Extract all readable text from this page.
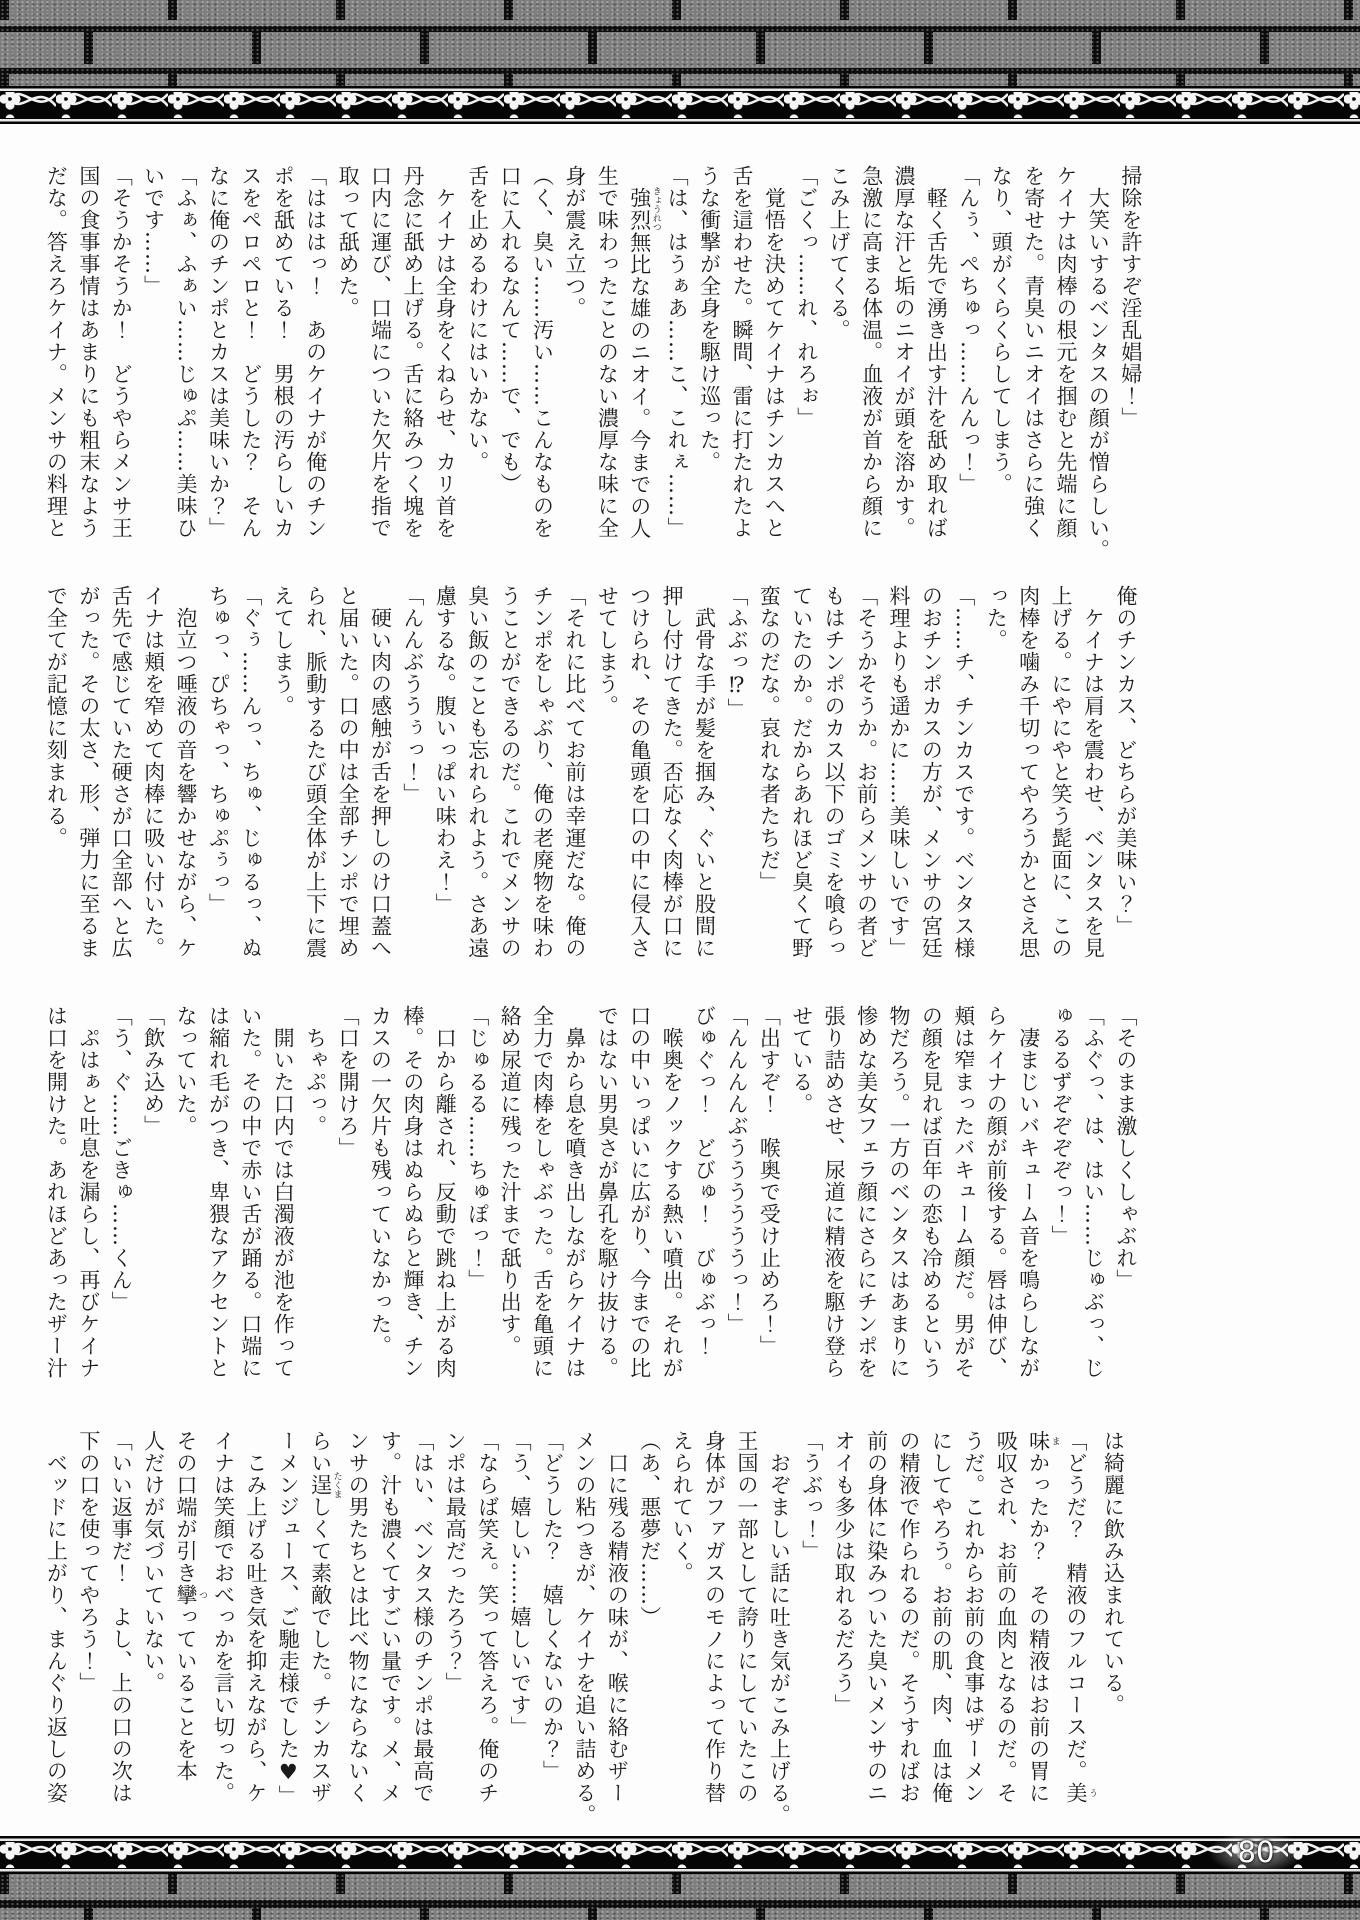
掃除を許すぞ淫乱娼婦！」
　大笑いするベンタスの顔が憎らしい。
ケイナは肉棒の根元を掴むと先端に顔
を寄せた。青臭いニオイはさらに強く
なり、頭がくらくらしてしまう。
「んぅ、ぺちゅっ……んんっ！」
　軽く舌先で湧き出す汁を舐め取れば
濃厚な汗と垢のニオイが頭を溶かす。
急激に高まる体温。血液が首から顔に
こみ上げてくる。
「ごくっ……れ、れろぉ」
　覚悟を決めてケイナはチンカスへと
舌を這わせた。瞬間、雷に打たれたよ
うな衝撃が全身を駆け巡った。
「は、はうぁあ……こ、これぇ……」
　強烈 きょうれつ無比な雄のニオイ。今までの人
生で味わったことのない濃厚な味に全
身が震え立つ。
（く、臭い……汚い……こんなものを
口に入れるなんて……で、でも）
舌を止めるわけにはいかない。
　ケイナは全身をくねらせ、カリ首を
丹念に舐め上げる。舌に絡みつく塊を
口内に運び、口端についた欠片を指で
取って舐めた。
「はははっ！　あのケイナが俺のチン
ポを舐めている！　男根の汚らしいカ
スをペロペロと！　どうした？　そん
なに俺のチンポとカスは美味いか？」
「ふぁ、ふぁい……じゅぷ……美味ひ
いです……」
「そうかそうか！　どうやらメンサ王
国の食事事情はあまりにも粗末なよう
だな。答えろケイナ。メンサの料理と
俺のチンカス、どちらが美味い？」
　ケイナは肩を震わせ、ベンタスを見
上げる。にやにやと笑う髭面に、この
肉棒を噛み千切ってやろうかとさえ思
った。
「……チ、チンカスです。ベンタス様
のおチンポカスの方が、メンサの宮廷
料理よりも遥かに……美味しいです」
「そうかそうか。お前らメンサの者ど
もはチンポのカス以下のゴミを喰らっ
ていたのか。だからあれほど臭くて野
蛮なのだな。哀れな者たちだ」
「ふぶっ⁉」
　武骨な手が髪を掴み、ぐいと股間に
押し付けてきた。否応なく肉棒が口に
つけられ、その亀頭を口の中に侵入さ
せてしまう。
「それに比べてお前は幸運だな。俺の
チンポをしゃぶり、俺の老廃物を味わ
うことができるのだ。これでメンサの
臭い飯のことも忘れられよう。さあ遠
慮するな。腹いっぱい味わえ！」
「んんぶううぅっ！」
　硬い肉の感触が舌を押しのけ口蓋へ
と届いた。口の中は全部チンポで埋め
られ、脈動するたび頭全体が上下に震
えてしまう。
「ぐぅ……んっ、ちゅ、じゅるっ、ぬ
ちゅっ、ぴちゃっ、ちゅぷぅっ」
　泡立つ唾液の音を響かせながら、ケ
イナは頬を窄めて肉棒に吸い付いた。
舌先で感じていた硬さが口全部へと広
がった。その太さ、形、弾力に至るま
で全てが記憶に刻まれる。
「そのまま激しくしゃぶれ」
「ふぐっ、は、はい……じゅぶっ、じ
ゅるるずぞぞぞぞっ！」
　凄まじいバキューム音を鳴らしなが
らケイナの顔が前後する。唇は伸び、
頬は窄まったバキューム顔だ。男がそ
の顔を見れば百年の恋も冷めるという
物だろう。一方のベンタスはあまりに
惨めな美女フェラ顔にさらにチンポを
張り詰めさせ、尿道に精液を駆け登ら
せている。
「出すぞ！　喉奥で受け止めろ！」
「んんんんぶううううううっ！」
びゅぐっ！　どびゅ！　びゅぶっ！
　喉奥をノックする熱い噴出。それが
口の中いっぱいに広がり、今までの比
ではない男臭さが鼻孔を駆け抜ける。
　鼻から息を噴き出しながらケイナは
全力で肉棒をしゃぶった。舌を亀頭に
絡め尿道に残った汁まで舐り出す。
「じゅるる……ちゅぽっ！」
　口から離され、反動で跳ね上がる肉
棒。その肉身はぬらぬらと輝き、チン
カスの一欠片も残っていなかった。
「口を開けろ」
　ちゃぷっ。
　開いた口内では白濁液が池を作って
いた。その中で赤い舌が踊る。口端に
は縮れ毛がつき、卑猥なアクセントと
なっていた。
「飲み込め」
「う、ぐ……ごきゅ……くん」
　ぷはぁと吐息を漏らし、再びケイナ
は口を開けた。あれほどあったザー汁
は綺麗に飲み込まれている。
「どうだ？　精液のフルコースだ。美 う
味 まかったか？　その精液はお前の胃に
吸収され、お前の血肉となるのだ。そ
うだ。これからお前の食事はザーメン
にしてやろう。お前の肌、肉、血は俺
の精液で作られるのだ。そうすればお
前の身体に染みついた臭いメンサのニ
オイも多少は取れるだろう」
「うぶっ！」
　おぞましい話に吐き気がこみ上げる。
王国の一部として誇りにしていたこの
身体がファガスのモノによって作り替
えられていく。
（あ、悪夢だ……）
　口に残る精液の味が、喉に絡むザー
メンの粘つきが、ケイナを追い詰める。
「どうした？　嬉しくないのか？」
「う、嬉しい……嬉しいです」
「ならば笑え。笑って答えろ。俺のチ
ンポは最高だったろう？」
「はい、ベンタス様のチンポは最高で
す。汁も濃くてすごい量です。メ、メ
ンサの男たちとは比べ物にならないく
らい逞 たくましくて素敵でした。チンカスザ
ーメンジュース、ご馳走様でした♥」
　こみ上げる吐き気を抑えながら、ケ
イナは笑顔でおべっかを言い切った。
その口端が引き攣 つっていることを本
人だけが気づいていない。
「いい返事だ！　よし、上の口の次は
下の口を使ってやろう！」
　ベッドに上がり、まんぐり返しの姿
80
